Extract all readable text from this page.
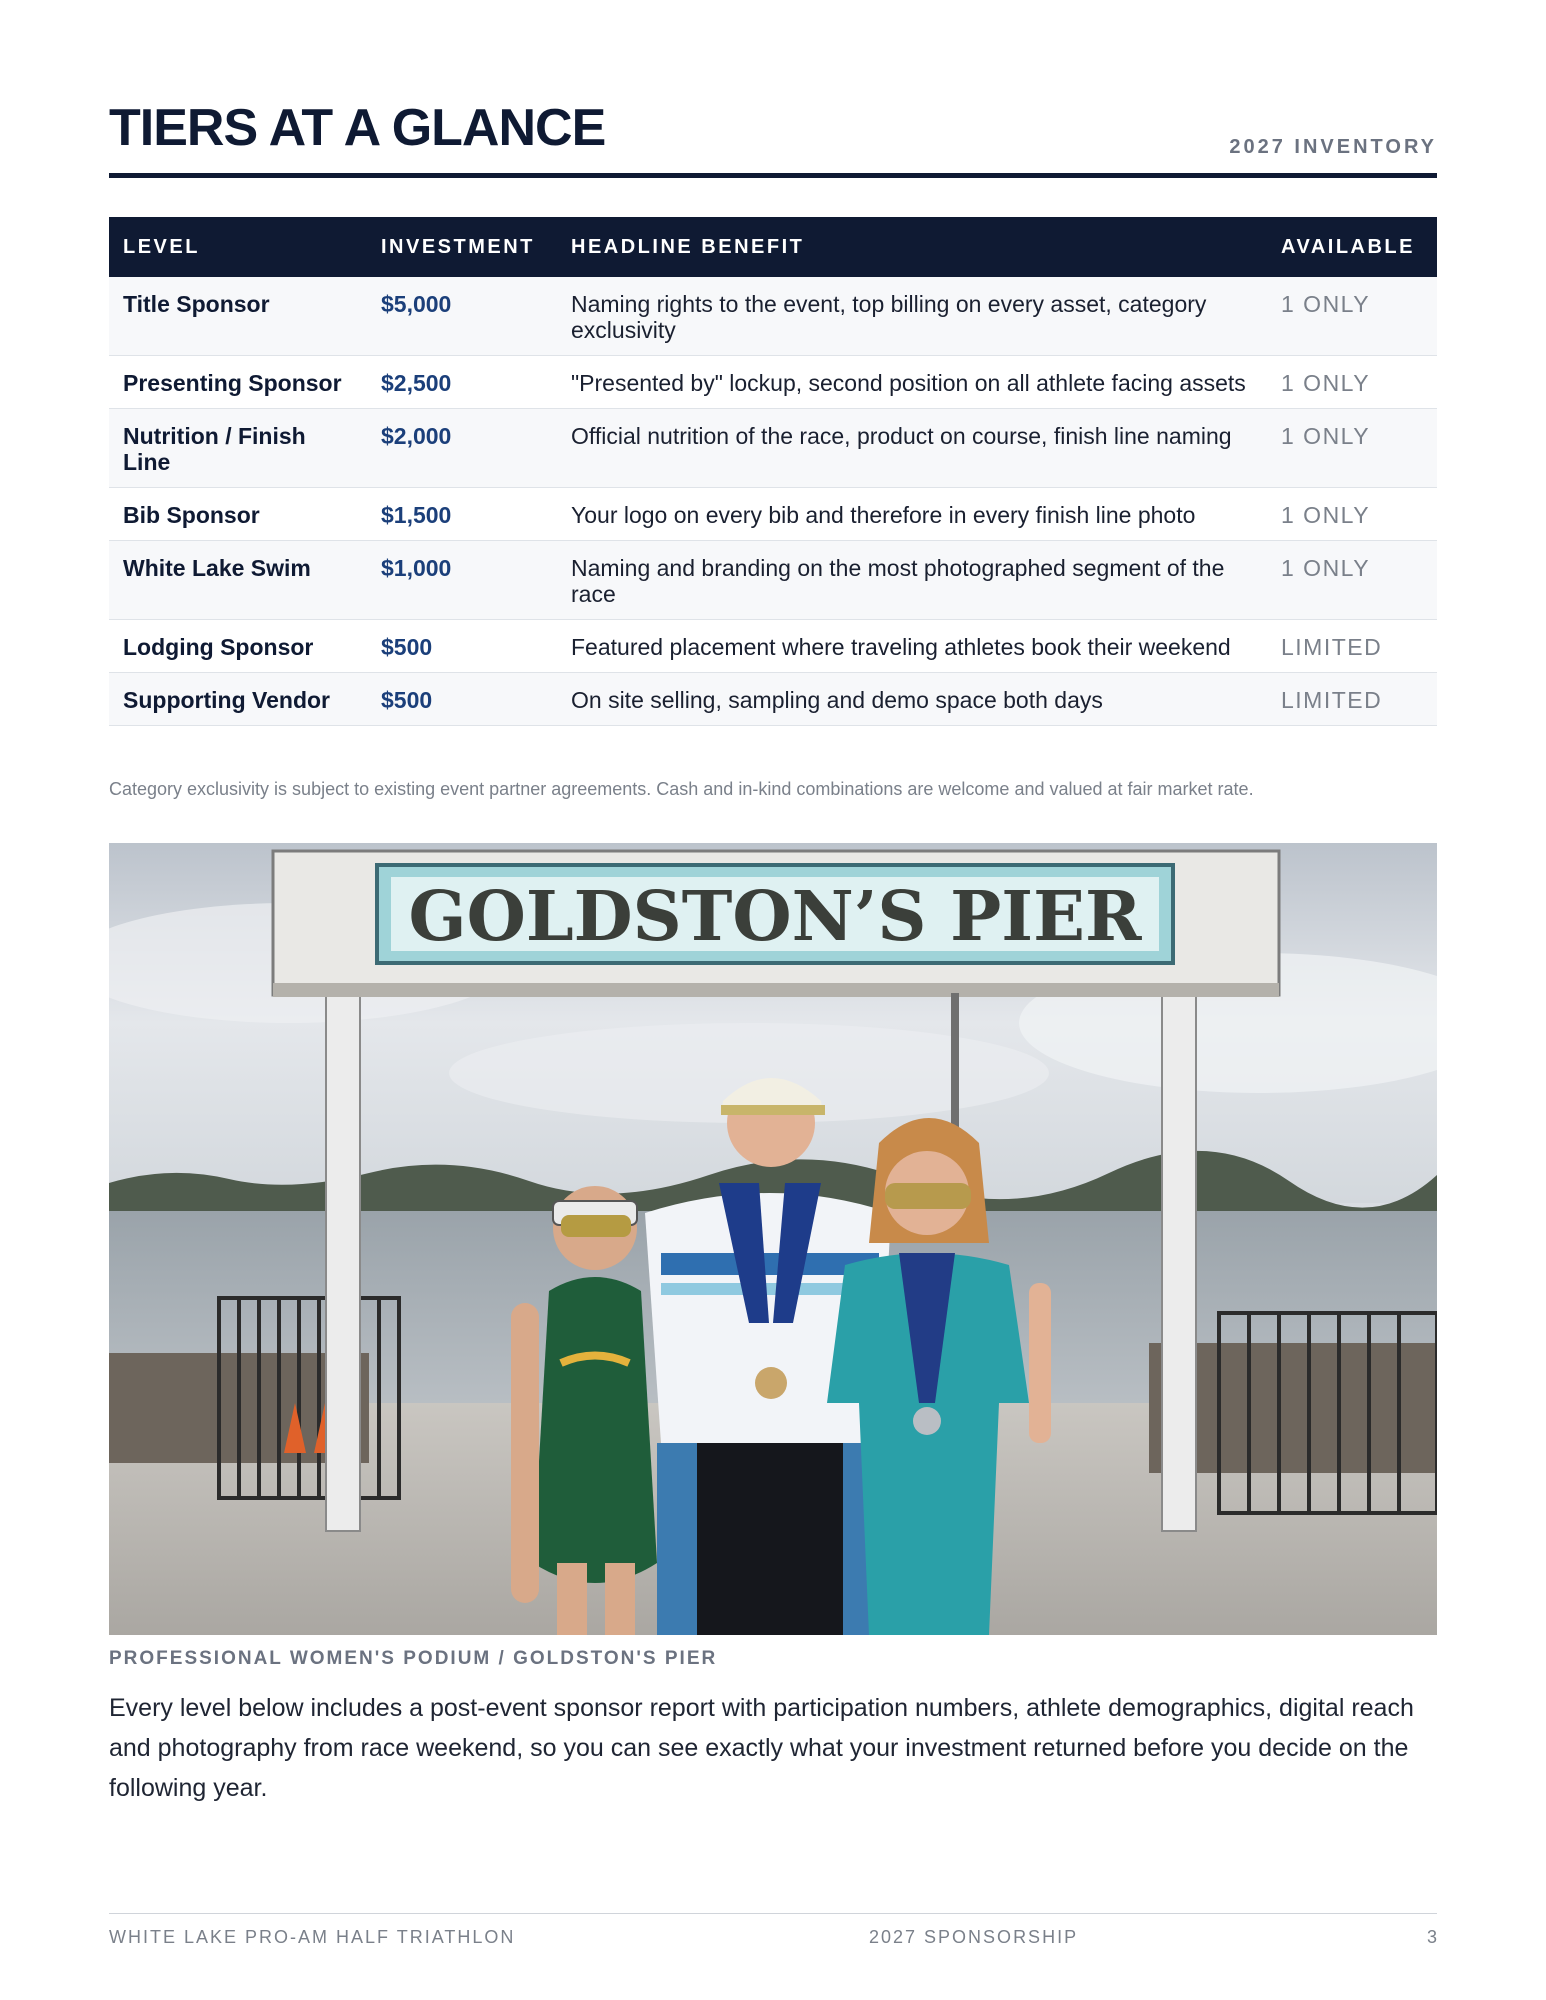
TIERS AT A GLANCE	2027 INVENTORY
LEVEL	INVESTMENT	HEADLINE BENEFIT	AVAILABLE
Title Sponsor	$5,000	Naming rights to the event, top billing on every asset, category exclusivity	1 ONLY
Presenting Sponsor	$2,500	"Presented by" lockup, second position on all athlete facing assets	1 ONLY
Nutrition / Finish Line	$2,000	Official nutrition of the race, product on course, finish line naming	1 ONLY
Bib Sponsor	$1,500	Your logo on every bib and therefore in every finish line photo	1 ONLY
White Lake Swim	$1,000	Naming and branding on the most photographed segment of the race	1 ONLY
Lodging Sponsor	$500	Featured placement where traveling athletes book their weekend	LIMITED
Supporting Vendor	$500	On site selling, sampling and demo space both days	LIMITED
Category exclusivity is subject to existing event partner agreements. Cash and in-kind combinations are welcome and valued at fair market rate.
GOLDSTON’S PIER
PROFESSIONAL WOMEN'S PODIUM / GOLDSTON'S PIER

Every level below includes a post-event sponsor report with participation numbers, athlete demographics, digital reach and photography from race weekend, so you can see exactly what your investment returned before you decide on the following year.

WHITE LAKE PRO-AM HALF TRIATHLON	2027 SPONSORSHIP	3
